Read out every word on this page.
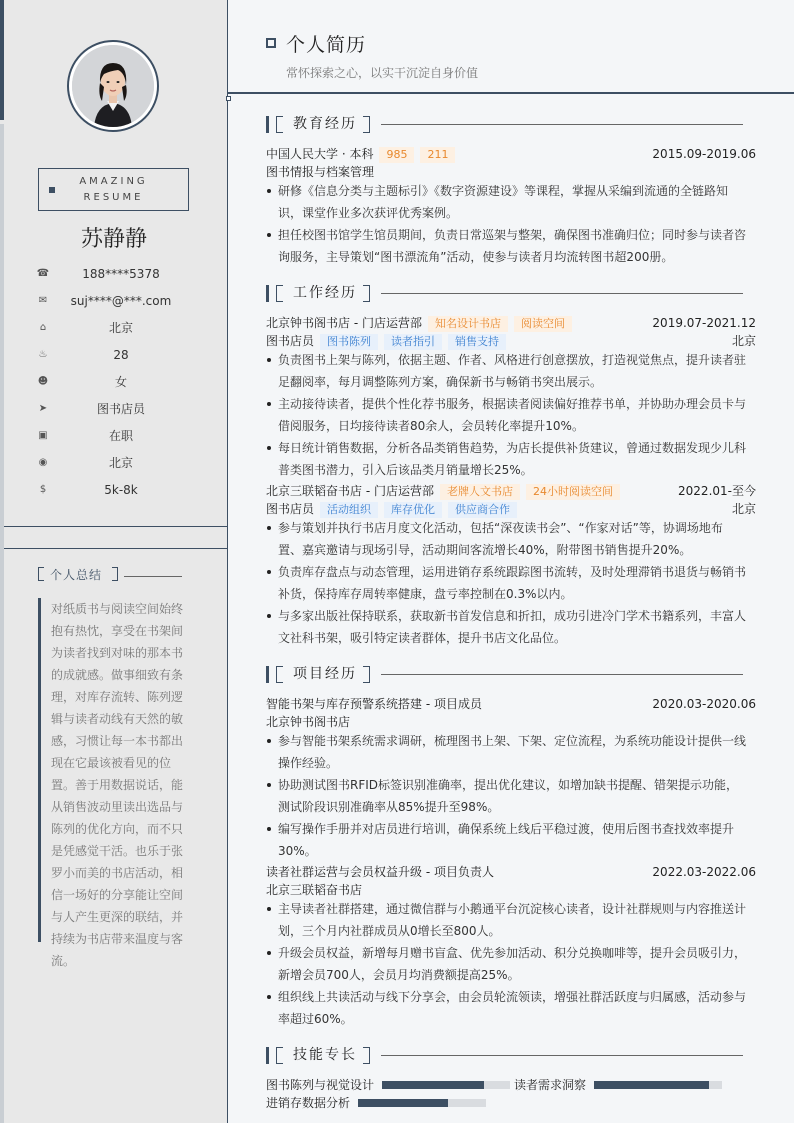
AMAZING
RESUME
苏静静
☎	188****5378
✉	suj****@***.com
⌂	北京
♨	28
☻	女
➤	图书店员
▣	在职
◉	北京
$	5k-8k
个人总结
对纸质书与阅读空间始终抱有热忱，享受在书架间为读者找到对味的那本书的成就感。做事细致有条理，对库存流转、陈列逻辑与读者动线有天然的敏感，习惯让每一本书都出现在它最该被看见的位置。善于用数据说话，能从销售波动里读出选品与陈列的优化方向，而不只是凭感觉干活。也乐于张罗小而美的书店活动，相信一场好的分享能让空间与人产生更深的联结，并持续为书店带来温度与客流。
个人简历
常怀探索之心，以实干沉淀自身价值
教育经历
中国人民大学 · 本科 985 211	2015.09-2019.06
图书情报与档案管理
研修《信息分类与主题标引》《数字资源建设》等课程，掌握从采编到流通的全链路知识，课堂作业多次获评优秀案例。
担任校图书馆学生馆员期间，负责日常巡架与整架，确保图书准确归位；同时参与读者咨询服务，主导策划“图书漂流角”活动，使参与读者月均流转图书超200册。
工作经历
北京钟书阁书店 - 门店运营部 知名设计书店 阅读空间	2019.07-2021.12
图书店员 图书陈列 读者指引 销售支持	北京
负责图书上架与陈列，依据主题、作者、风格进行创意摆放，打造视觉焦点，提升读者驻足翻阅率，每月调整陈列方案，确保新书与畅销书突出展示。
主动接待读者，提供个性化荐书服务，根据读者阅读偏好推荐书单，并协助办理会员卡与借阅服务，日均接待读者80余人，会员转化率提升10%。
每日统计销售数据，分析各品类销售趋势，为店长提供补货建议，曾通过数据发现少儿科普类图书潜力，引入后该品类月销量增长25%。
北京三联韬奋书店 - 门店运营部 老牌人文书店 24小时阅读空间	2022.01-至今
图书店员 活动组织 库存优化 供应商合作	北京
参与策划并执行书店月度文化活动，包括“深夜读书会”、“作家对话”等，协调场地布置、嘉宾邀请与现场引导，活动期间客流增长40%，附带图书销售提升20%。
负责库存盘点与动态管理，运用进销存系统跟踪图书流转，及时处理滞销书退货与畅销书补货，保持库存周转率健康，盘亏率控制在0.3%以内。
与多家出版社保持联系，获取新书首发信息和折扣，成功引进冷门学术书籍系列，丰富人文社科书架，吸引特定读者群体，提升书店文化品位。
项目经历
智能书架与库存预警系统搭建 - 项目成员	2020.03-2020.06
北京钟书阁书店
参与智能书架系统需求调研，梳理图书上架、下架、定位流程，为系统功能设计提供一线操作经验。
协助测试图书RFID标签识别准确率，提出优化建议，如增加缺书提醒、错架提示功能，测试阶段识别准确率从85%提升至98%。
编写操作手册并对店员进行培训，确保系统上线后平稳过渡，使用后图书查找效率提升30%。
读者社群运营与会员权益升级 - 项目负责人	2022.03-2022.06
北京三联韬奋书店
主导读者社群搭建，通过微信群与小鹅通平台沉淀核心读者，设计社群规则与内容推送计划，三个月内社群成员从0增长至800人。
升级会员权益，新增每月赠书盲盒、优先参加活动、积分兑换咖啡等，提升会员吸引力，新增会员700人，会员月均消费额提高25%。
组织线上共读活动与线下分享会，由会员轮流领读，增强社群活跃度与归属感，活动参与率超过60%。
技能专长
图书陈列与视觉设计	读者需求洞察
进销存数据分析
